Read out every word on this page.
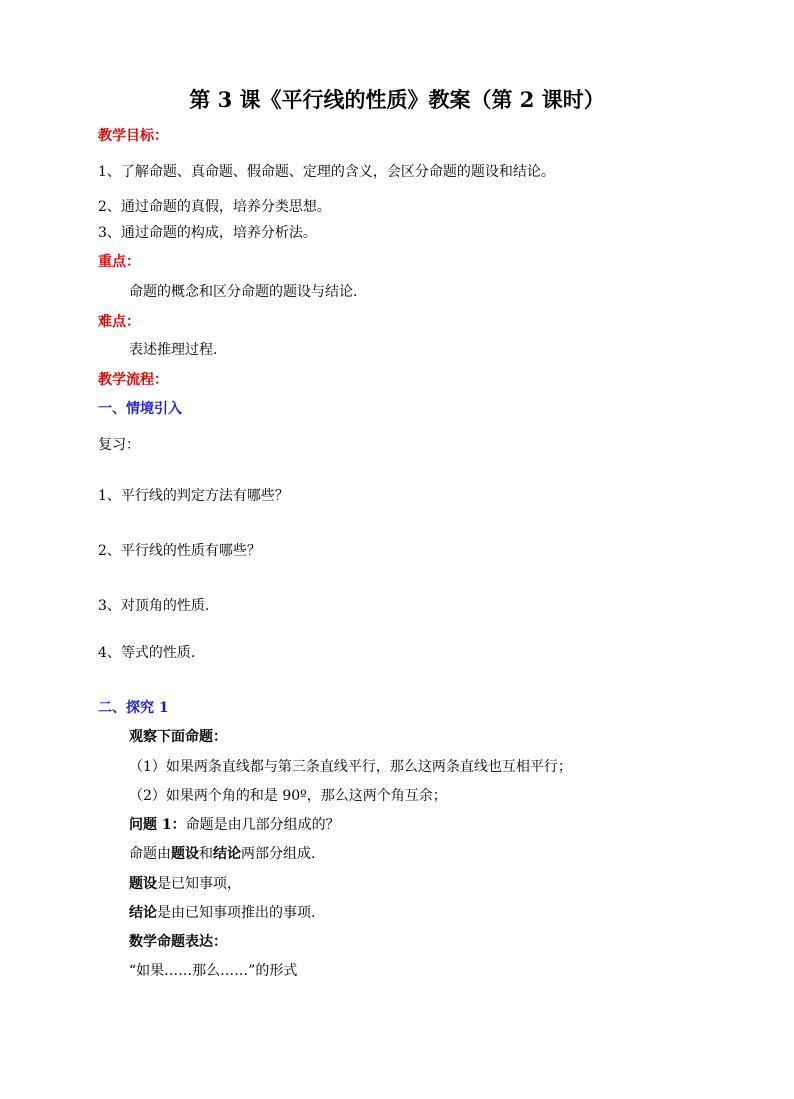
第 3 课《平行线的性质》教案（第 2 课时）
教学目标：
1、了解命题、真命题、假命题、定理的含义，会区分命题的题设和结论。
2、通过命题的真假，培养分类思想。
3、通过命题的构成，培养分析法。
重点：
命题的概念和区分命题的题设与结论.
难点：
表述推理过程.
教学流程：
一、情境引入
复习：
1、平行线的判定方法有哪些？
2、平行线的性质有哪些？
3、对顶角的性质.
4、等式的性质.
二、探究 1
观察下面命题：
（1）如果两条直线都与第三条直线平行，那么这两条直线也互相平行；
（2）如果两个角的和是 90º，那么这两个角互余；
问题 1：命题是由几部分组成的？
命题由题设和结论两部分组成.
题设是已知事项，
结论是由已知事项推出的事项.
数学命题表达：
“如果……那么……”的形式
